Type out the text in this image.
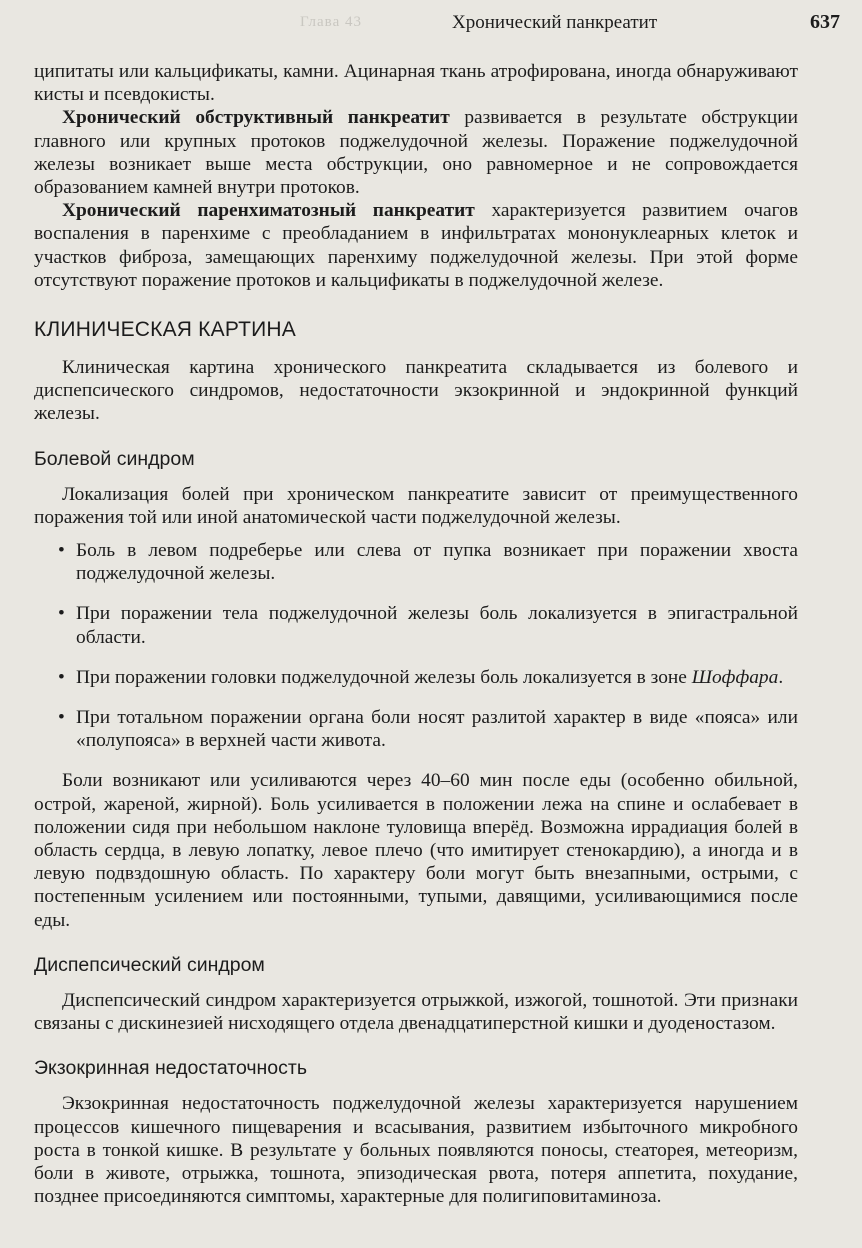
Глава 43	Хронический панкреатит	637

ципитаты или кальцификаты, камни. Ацинарная ткань атрофирована, иногда обнаруживают кисты и псевдокисты.

Хронический обструктивный панкреатит развивается в результате обструкции главного или крупных протоков поджелудочной железы. Поражение поджелудочной железы возникает выше места обструкции, оно равномерное и не сопровождается образованием камней внутри протоков.

Хронический паренхиматозный панкреатит характеризуется развитием очагов воспаления в паренхиме с преобладанием в инфильтратах мононуклеарных клеток и участков фиброза, замещающих паренхиму поджелудочной железы. При этой форме отсутствуют поражение протоков и кальцификаты в поджелудочной железе.

КЛИНИЧЕСКАЯ КАРТИНА

Клиническая картина хронического панкреатита складывается из болевого и диспепсического синдромов, недостаточности экзокринной и эндокринной функций железы.

Болевой синдром

Локализация болей при хроническом панкреатите зависит от преимущественного поражения той или иной анатомической части поджелудочной железы.

• Боль в левом подреберье или слева от пупка возникает при поражении хвоста поджелудочной железы.
• При поражении тела поджелудочной железы боль локализуется в эпигастральной области.
• При поражении головки поджелудочной железы боль локализуется в зоне Шоффара.
• При тотальном поражении органа боли носят разлитой характер в виде «пояса» или «полупояса» в верхней части живота.

Боли возникают или усиливаются через 40–60 мин после еды (особенно обильной, острой, жареной, жирной). Боль усиливается в положении лежа на спине и ослабевает в положении сидя при небольшом наклоне туловища вперёд. Возможна иррадиация болей в область сердца, в левую лопатку, левое плечо (что имитирует стенокардию), а иногда и в левую подвздошную область. По характеру боли могут быть внезапными, острыми, с постепенным усилением или постоянными, тупыми, давящими, усиливающимися после еды.

Диспепсический синдром

Диспепсический синдром характеризуется отрыжкой, изжогой, тошнотой. Эти признаки связаны с дискинезией нисходящего отдела двенадцатиперстной кишки и дуоденостазом.

Экзокринная недостаточность

Экзокринная недостаточность поджелудочной железы характеризуется нарушением процессов кишечного пищеварения и всасывания, развитием избыточного микробного роста в тонкой кишке. В результате у больных появляются поносы, стеаторея, метеоризм, боли в животе, отрыжка, тошнота, эпизодическая рвота, потеря аппетита, похудание, позднее присоединяются симптомы, характерные для полигиповитаминоза.
